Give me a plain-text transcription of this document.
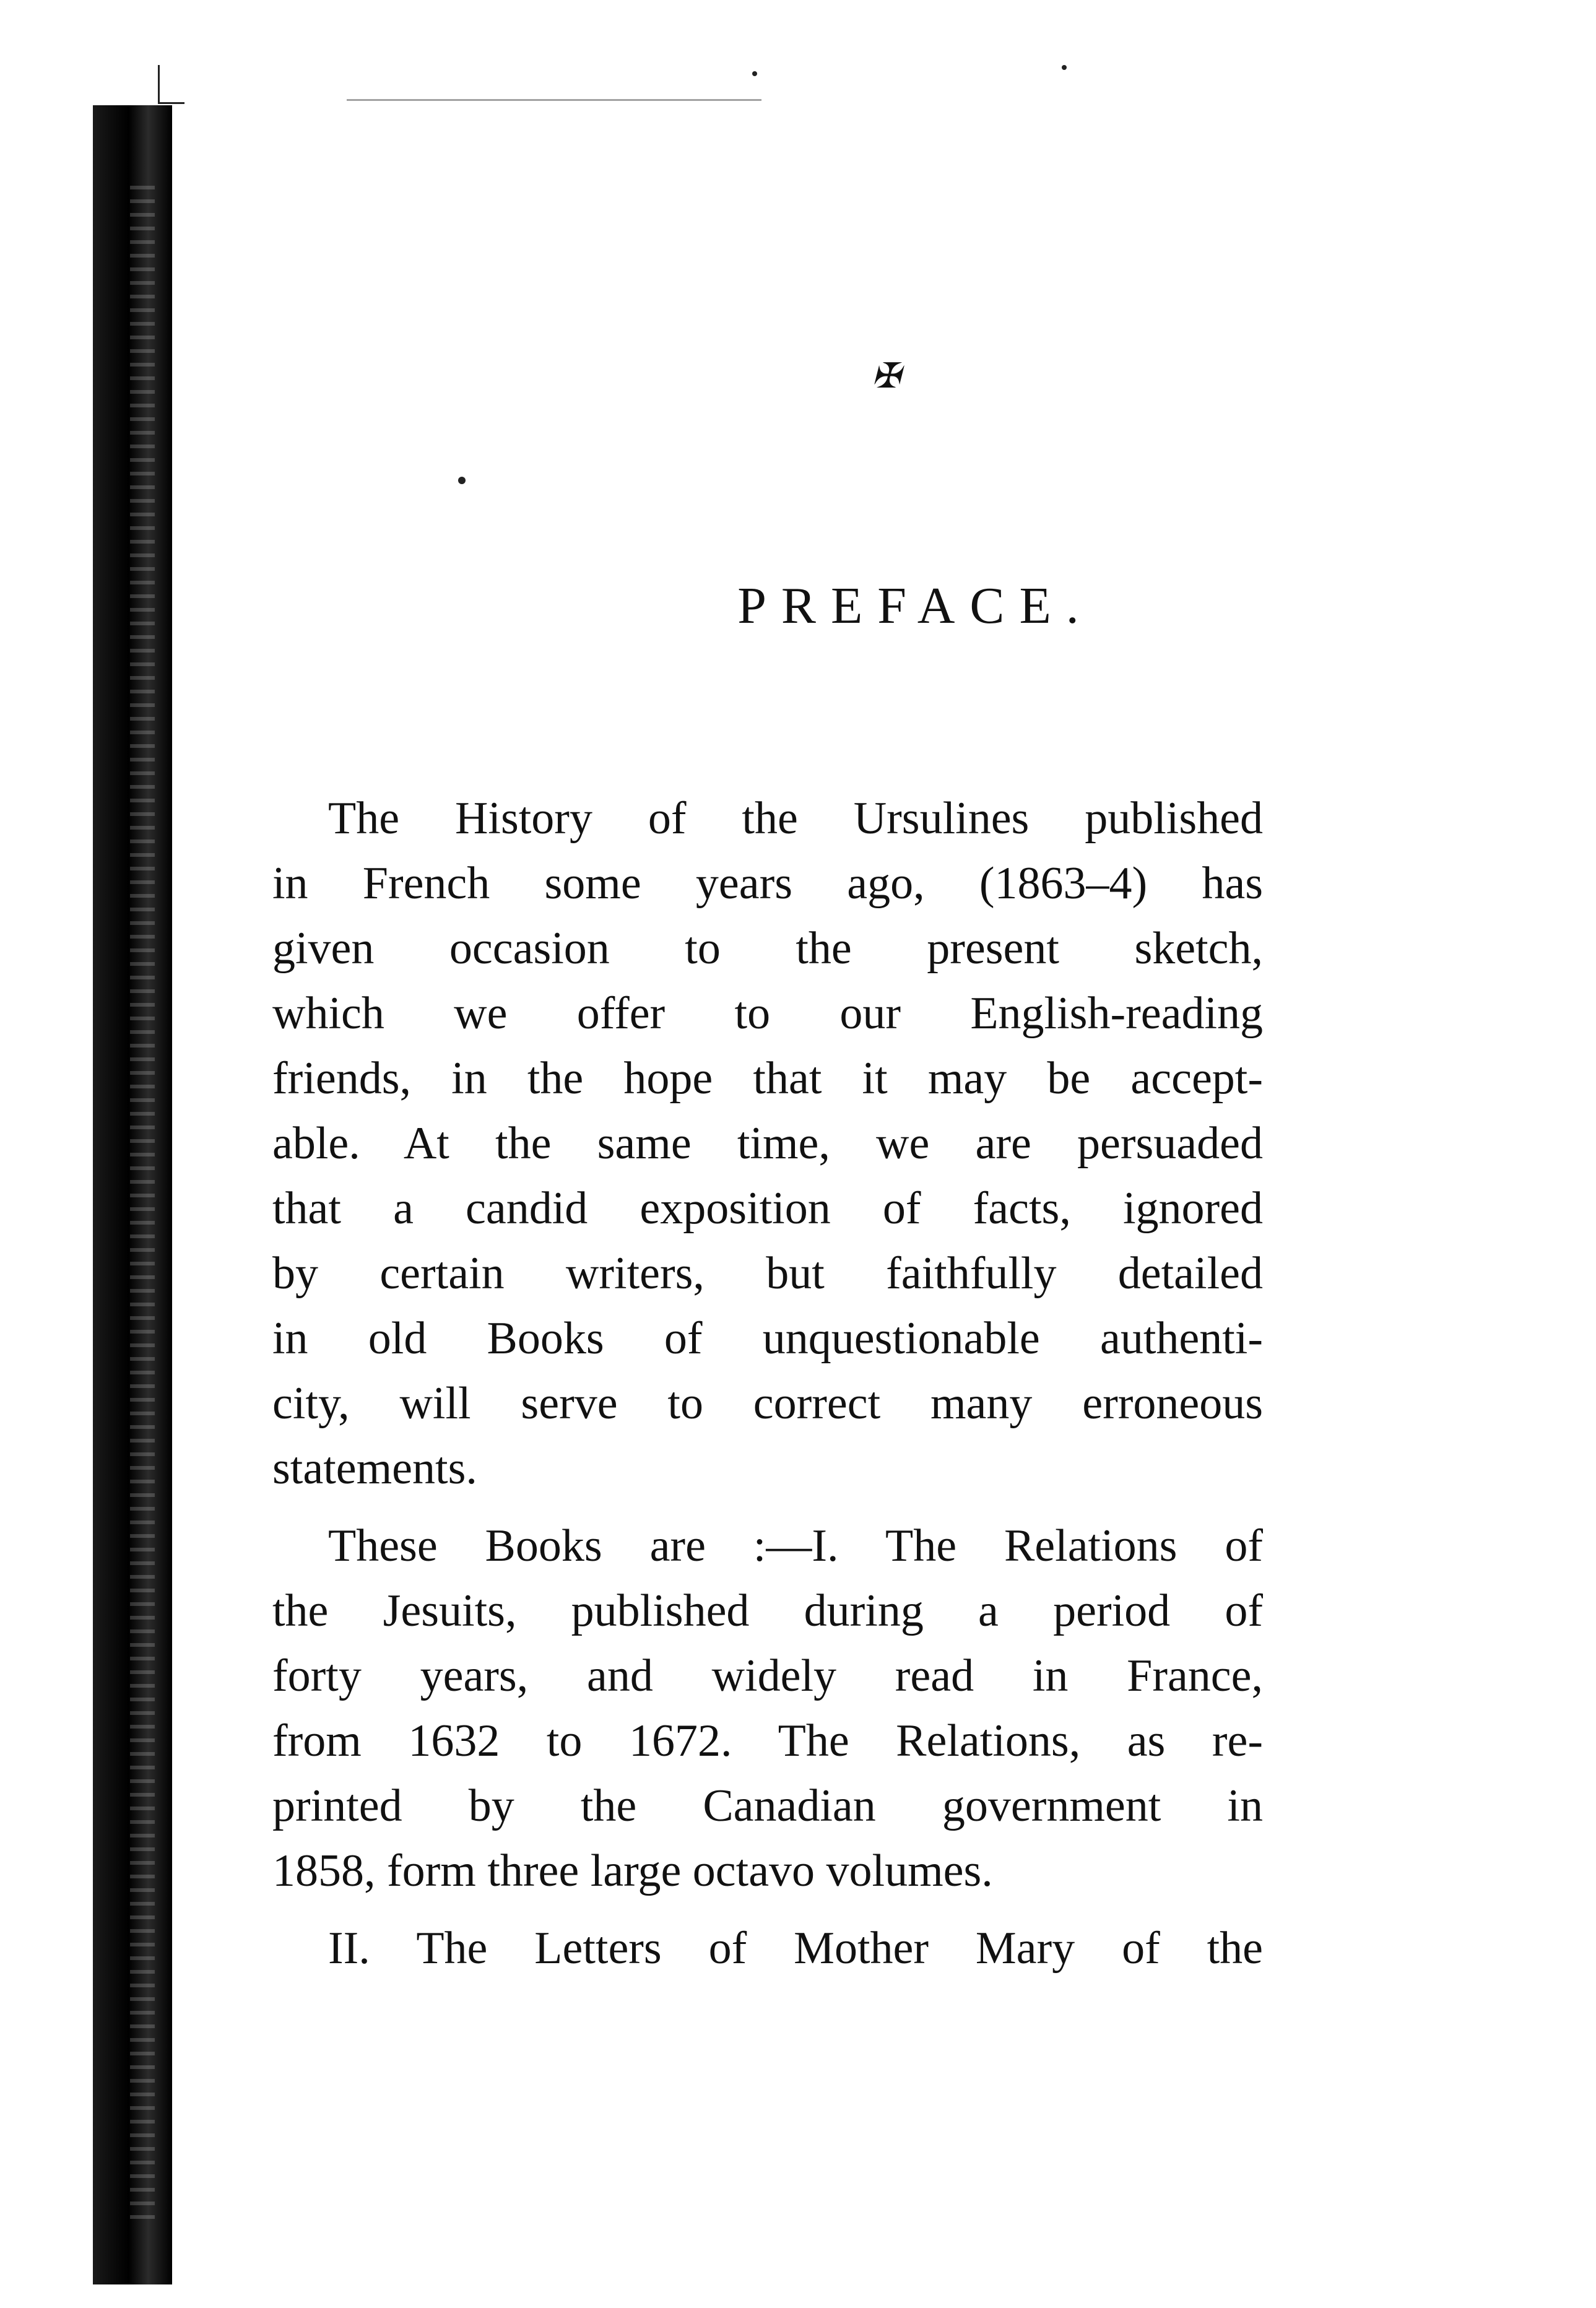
✠
PREFACE.
The History of the Ursulines published
in French some years ago, (1863–4) has
given occasion to the present sketch,
which we offer to our English-reading
friends, in the hope that it may be accept-
able. At the same time, we are persuaded
that a candid exposition of facts, ignored
by certain writers, but faithfully detailed
in old Books of unquestionable authenti-
city, will serve to correct many erroneous
statements.
These Books are :—I. The Relations of
the Jesuits, published during a period of
forty years, and widely read in France,
from 1632 to 1672. The Relations, as re-
printed by the Canadian government in
1858, form three large octavo volumes.
II. The Letters of Mother Mary of the
